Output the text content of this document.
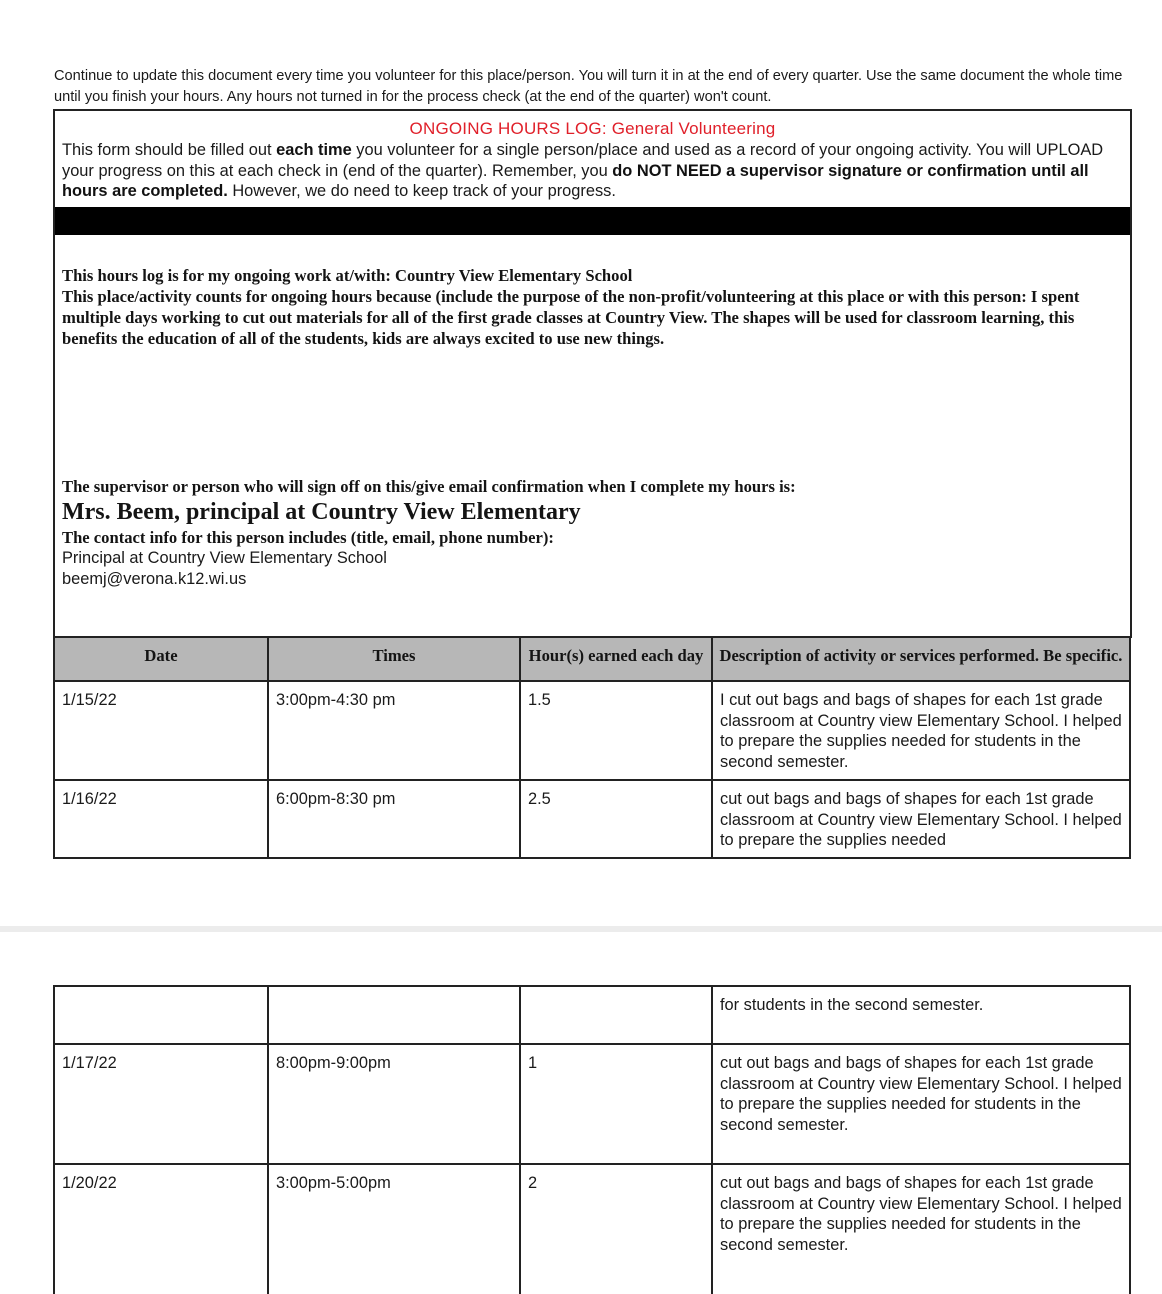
Continue to update this document every time you volunteer for this place/person. You will turn it in at the end of every quarter. Use the same document the whole time until you finish your hours. Any hours not turned in for the process check (at the end of the quarter) won't count.
ONGOING HOURS LOG: General Volunteering
This form should be filled out each time you volunteer for a single person/place and used as a record of your ongoing activity. You will UPLOAD your progress on this at each check in (end of the quarter). Remember, you do NOT NEED a supervisor signature or confirmation until all hours are completed. However, we do need to keep track of your progress.
This hours log is for my ongoing work at/with: Country View Elementary School
This place/activity counts for ongoing hours because (include the purpose of the non-profit/volunteering at this place or with this person: I spent multiple days working to cut out materials for all of the first grade classes at Country View. The shapes will be used for classroom learning, this benefits the education of all of the students, kids are always excited to use new things.
The supervisor or person who will sign off on this/give email confirmation when I complete my hours is:
Mrs. Beem, principal at Country View Elementary
The contact info for this person includes (title, email, phone number):
Principal at Country View Elementary School
beemj@verona.k12.wi.us
Date	Times	Hour(s) earned each day	Description of activity or services performed. Be specific.
1/15/22	3:00pm-4:30 pm	1.5	I cut out bags and bags of shapes for each 1st grade classroom at Country view Elementary School. I helped to prepare the supplies needed for students in the second semester.
1/16/22	6:00pm-8:30 pm	2.5	cut out bags and bags of shapes for each 1st grade classroom at Country view Elementary School. I helped to prepare the supplies needed
			for students in the second semester.
1/17/22	8:00pm-9:00pm	1	cut out bags and bags of shapes for each 1st grade classroom at Country view Elementary School. I helped to prepare the supplies needed for students in the second semester.
1/20/22	3:00pm-5:00pm	2	cut out bags and bags of shapes for each 1st grade classroom at Country view Elementary School. I helped to prepare the supplies needed for students in the second semester.
